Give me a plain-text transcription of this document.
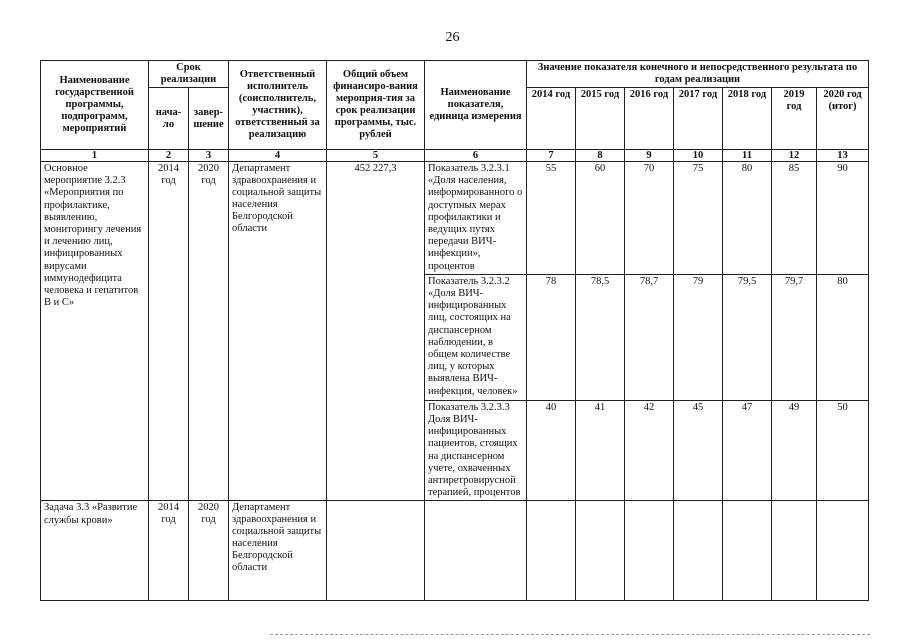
26
Наименование государственной программы, подпрограмм, мероприятий	Срок реализации		Ответственный исполнитель (соисполнитель, участник), ответственный за реализацию	Общий объем финансиро-вания мероприя-тия за срок реализации программы, тыс. рублей	Наименование показателя, единица измерения	Значение показателя конечного и непосредственного результата по годам реализации						
	нача-ло	завер-шение				2014 год	2015 год	2016 год	2017 год	2018 год	2019 год	2020 год (итог)
1	2	3	4	5	6	7	8	9	10	11	12	13
Основное мероприятие 3.2.3 «Мероприятия по профилактике, выявлению, мониторингу лечения и лечению лиц, инфицированных вирусами иммунодефицита человека и гепатитов В и С»	2014 год	2020 год	Департамент здравоохранения и социальной защиты населения Белгородской области	452 227,3	Показатель 3.2.3.1 «Доля населения, информированного о доступных мерах профилактики и ведущих путях передачи ВИЧ-инфекции», процентов	55	60	70	75	80	85	90
					Показатель 3.2.3.2 «Доля ВИЧ-инфицированных лиц, состоящих на диспансерном наблюдении, в общем количестве лиц, у которых выявлена ВИЧ-инфекция, человек»	78	78,5	78,7	79	79,5	79,7	80
					Показатель 3.2.3.3 Доля ВИЧ-инфицированных пациентов, стоящих на диспансерном учете, охваченных антиретровирусной терапией, процентов	40	41	42	45	47	49	50
Задача 3.3 «Развитие службы крови»	2014 год	2020 год	Департамент здравоохранения и социальной защиты населения Белгородской области									
